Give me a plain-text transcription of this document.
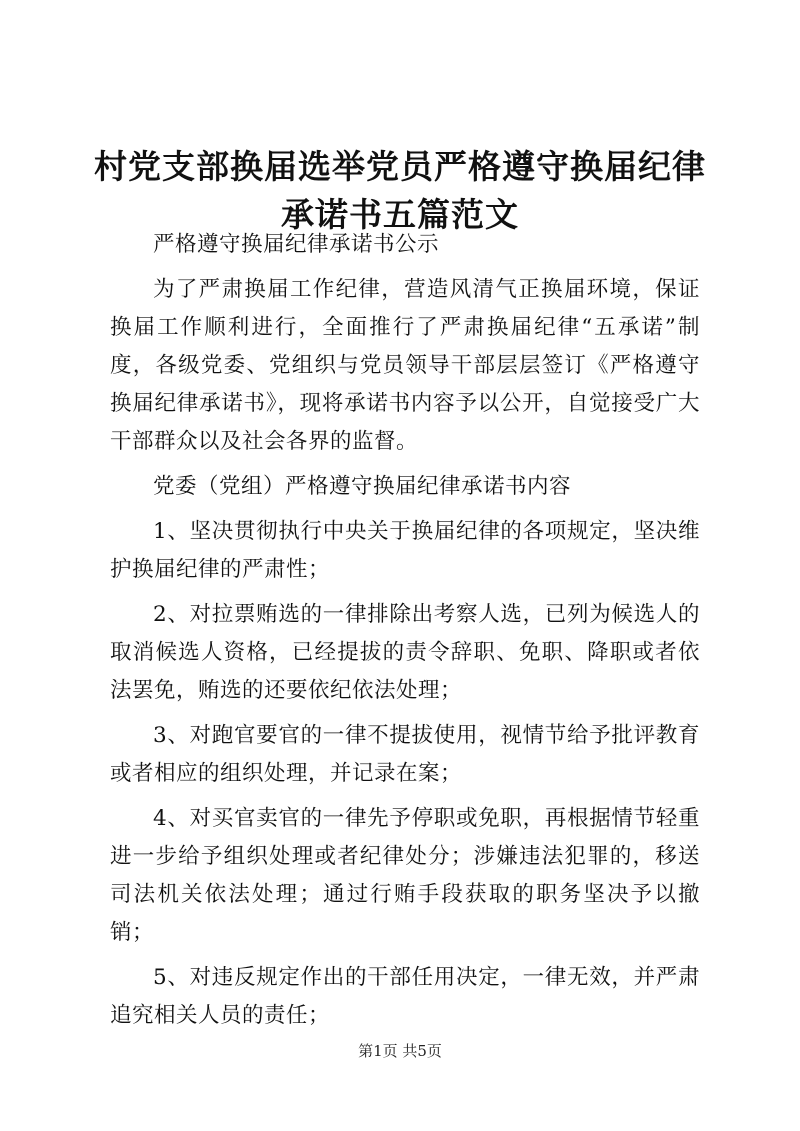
村党支部换届选举党员严格遵守换届纪律承诺书五篇范文

严格遵守换届纪律承诺书公示

为了严肃换届工作纪律，营造风清气正换届环境，保证换届工作顺利进行，全面推行了严肃换届纪律“五承诺”制度，各级党委、党组织与党员领导干部层层签订《严格遵守换届纪律承诺书》，现将承诺书内容予以公开，自觉接受广大干部群众以及社会各界的监督。

党委（党组）严格遵守换届纪律承诺书内容

1、坚决贯彻执行中央关于换届纪律的各项规定，坚决维护换届纪律的严肃性；

2、对拉票贿选的一律排除出考察人选，已列为候选人的取消候选人资格，已经提拔的责令辞职、免职、降职或者依法罢免，贿选的还要依纪依法处理；

3、对跑官要官的一律不提拔使用，视情节给予批评教育或者相应的组织处理，并记录在案；

4、对买官卖官的一律先予停职或免职，再根据情节轻重进一步给予组织处理或者纪律处分；涉嫌违法犯罪的，移送司法机关依法处理；通过行贿手段获取的职务坚决予以撤销；

5、对违反规定作出的干部任用决定，一律无效，并严肃追究相关人员的责任；

第1页 共5页
